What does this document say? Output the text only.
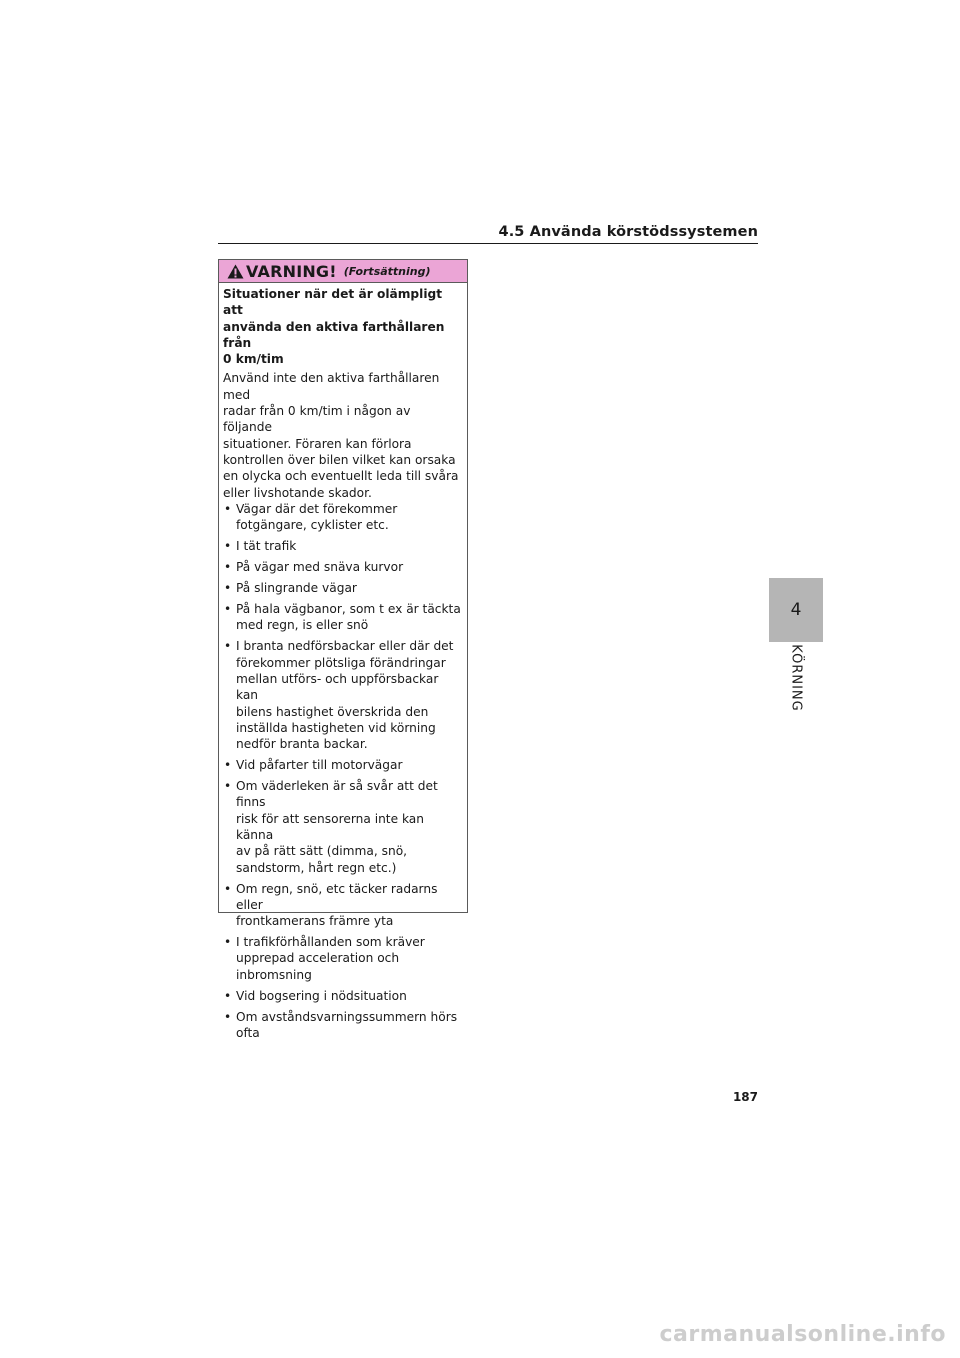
4.5 Använda körstödssystemen
VARNING! (Fortsättning)
Situationer när det är olämpligt att
använda den aktiva farthållaren från
0 km/tim
Använd inte den aktiva farthållaren med
radar från 0 km/tim i någon av följande
situationer. Föraren kan förlora
kontrollen över bilen vilket kan orsaka
en olycka och eventuellt leda till svåra
eller livshotande skador.
• Vägar där det förekommer
fotgängare, cyklister etc.
• I tät trafik
• På vägar med snäva kurvor
• På slingrande vägar
• På hala vägbanor, som t ex är täckta
med regn, is eller snö
• I branta nedförsbackar eller där det
förekommer plötsliga förändringar
mellan utförs- och uppförsbackar kan
bilens hastighet överskrida den
inställda hastigheten vid körning
nedför branta backar.
• Vid påfarter till motorvägar
• Om väderleken är så svår att det finns
risk för att sensorerna inte kan känna
av på rätt sätt (dimma, snö,
sandstorm, hårt regn etc.)
• Om regn, snö, etc täcker radarns eller
frontkamerans främre yta
• I trafikförhållanden som kräver
upprepad acceleration och
inbromsning
• Vid bogsering i nödsituation
• Om avståndsvarningssummern hörs
ofta
4
KÖRNING
187
carmanualsonline.info
